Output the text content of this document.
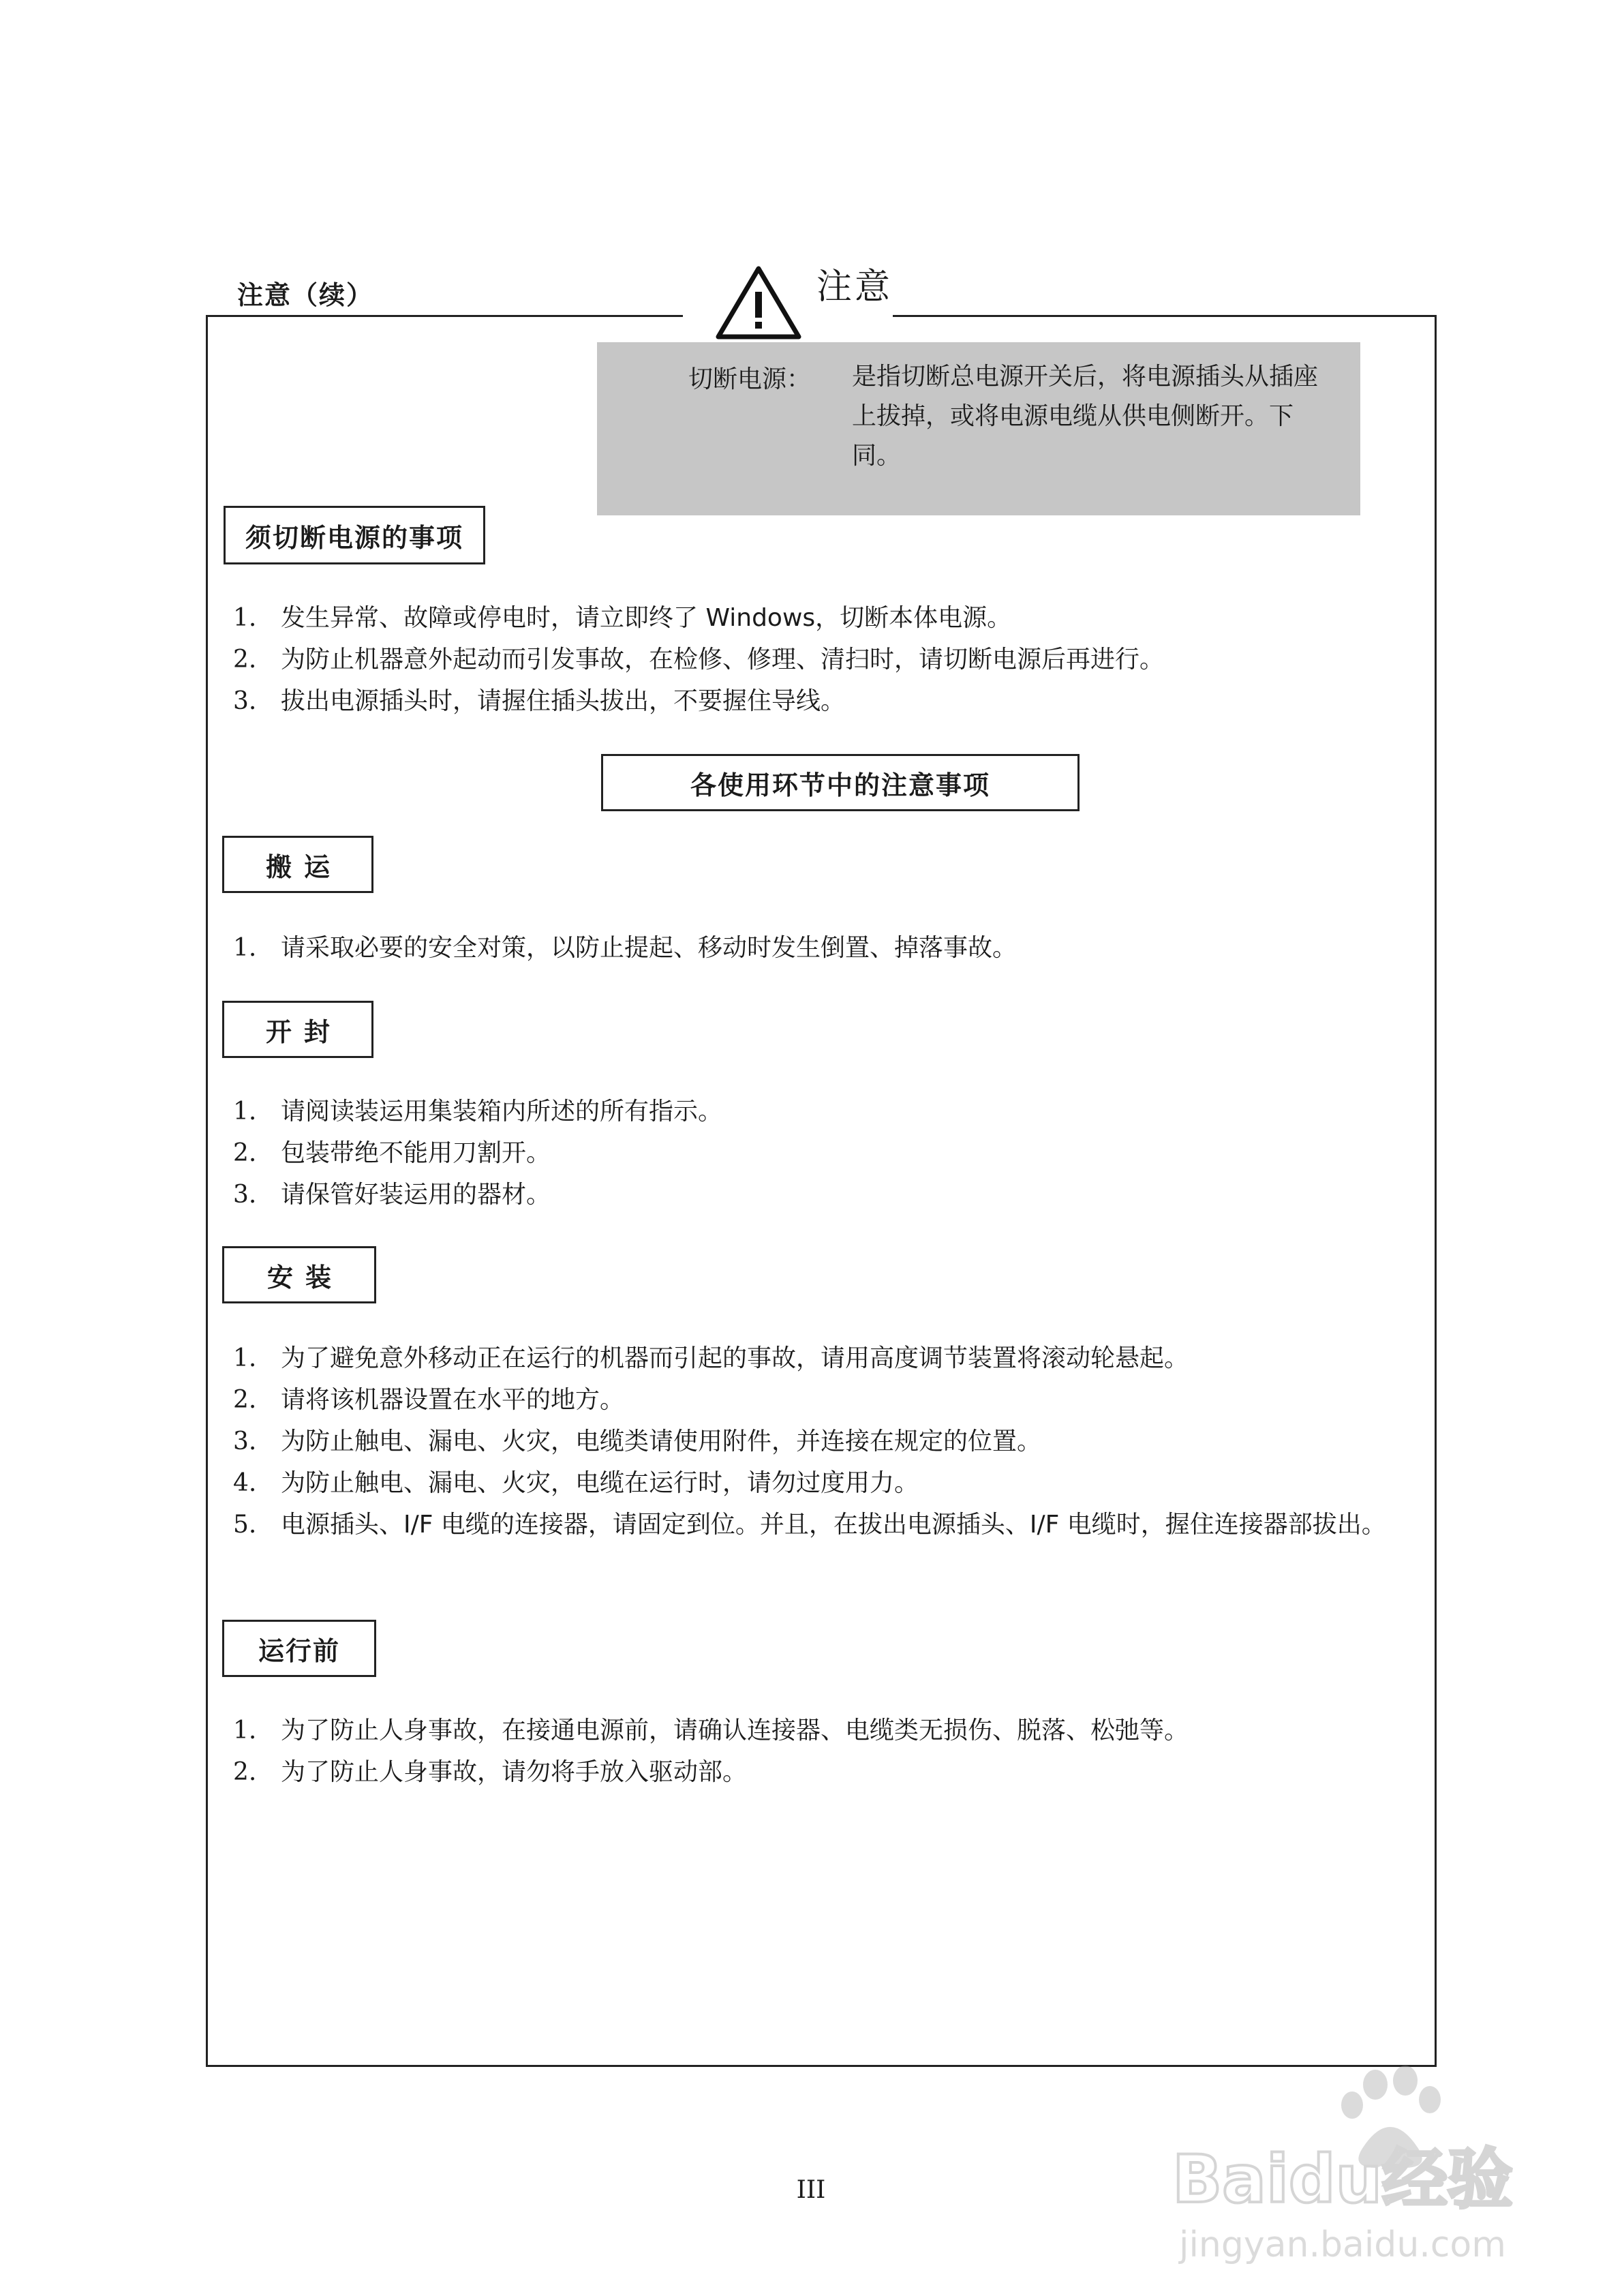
注意（续）	注意
切断电源： 是指切断总电源开关后，将电源插头从插座上拔掉，或将电源电缆从供电侧断开。下同。
须切断电源的事项
1. 发生异常、故障或停电时，请立即终了 Windows，切断本体电源。
2. 为防止机器意外起动而引发事故，在检修、修理、清扫时，请切断电源后再进行。
3. 拔出电源插头时，请握住插头拔出，不要握住导线。
各使用环节中的注意事项
搬运
1. 请采取必要的安全对策，以防止提起、移动时发生倒置、掉落事故。
开封
1. 请阅读装运用集装箱内所述的所有指示。
2. 包装带绝不能用刀割开。
3. 请保管好装运用的器材。
安装
1. 为了避免意外移动正在运行的机器而引起的事故，请用高度调节装置将滚动轮悬起。
2. 请将该机器设置在水平的地方。
3. 为防止触电、漏电、火灾，电缆类请使用附件，并连接在规定的位置。
4. 为防止触电、漏电、火灾，电缆在运行时，请勿过度用力。
5. 电源插头、I/F 电缆的连接器，请固定到位。并且，在拔出电源插头、I/F 电缆时，握住连接器部拔出。
运行前
1. 为了防止人身事故，在接通电源前，请确认连接器、电缆类无损伤、脱落、松弛等。
2. 为了防止人身事故，请勿将手放入驱动部。
III	Baidu经验
jingyan.baidu.com
